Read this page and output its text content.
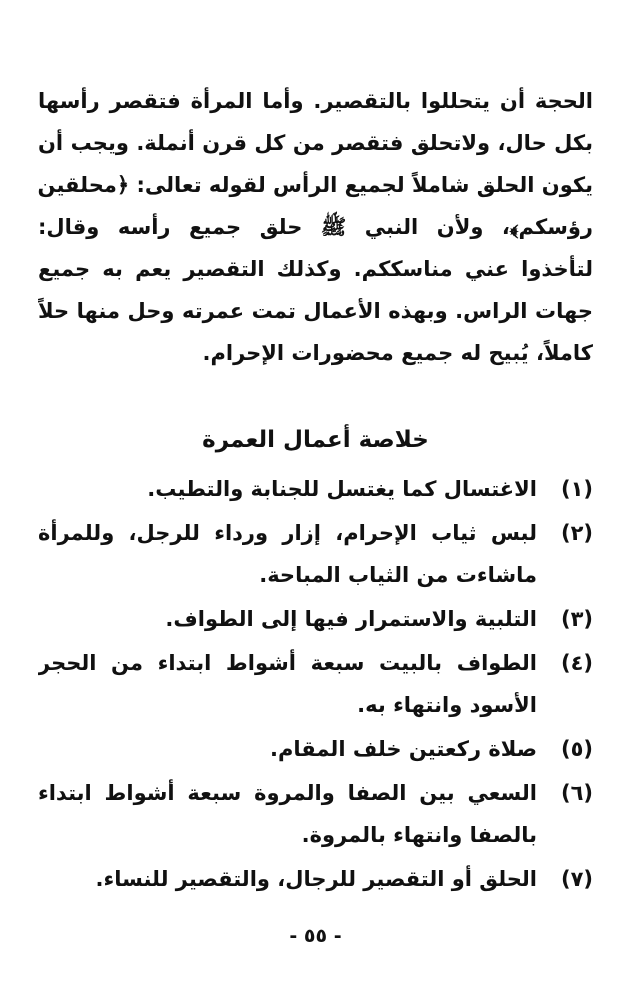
الحجة أن يتحللوا بالتقصير. وأما المرأة فتقصر رأسها
بكل حال، ولاتحلق فتقصر من كل قرن أنملة. ويجب أن
يكون الحلق شاملاً لجميع الرأس لقوله تعالى: ﴿محلقين
رؤسكم﴾، ولأن النبي ﷺ حلق جميع رأسه وقال:
لتأخذوا عني مناسككم. وكذلك التقصير يعم به جميع
جهات الراس. وبهذه الأعمال تمت عمرته وحل منها حلاً
كاملاً، يُبيح له جميع محضورات الإحرام.
خلاصة أعمال العمرة
(١)
الاغتسال كما يغتسل للجنابة والتطيب.
(٢)
لبس ثياب الإحرام، إزار ورداء للرجل، وللمرأة
ماشاءت من الثياب المباحة.
(٣)
التلبية والاستمرار فيها إلى الطواف.
(٤)
الطواف بالبيت سبعة أشواط ابتداء من الحجر
الأسود وانتهاء به.
(٥)
صلاة ركعتين خلف المقام.
(٦)
السعي بين الصفا والمروة سبعة أشواط ابتداء
بالصفا وانتهاء بالمروة.
(٧)
الحلق أو التقصير للرجال، والتقصير للنساء.
- ٥٥ -
